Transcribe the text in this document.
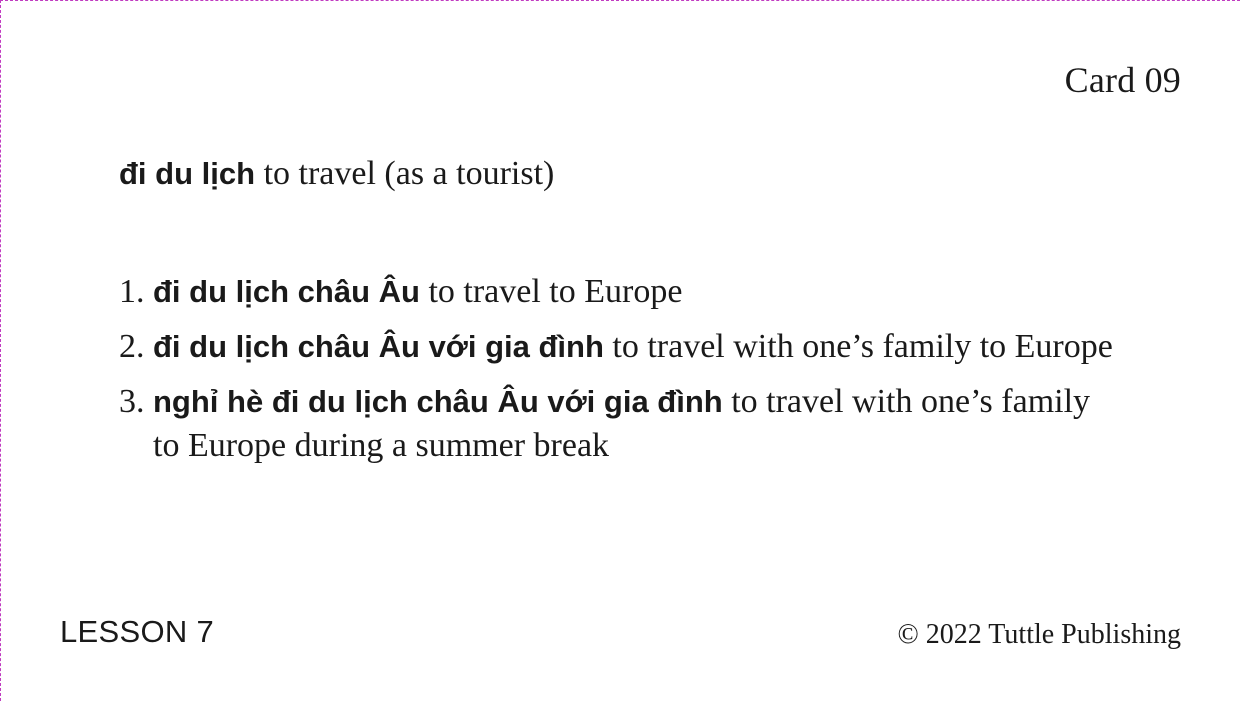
Card 09
đi du lịch to travel (as a tourist)
1. đi du lịch châu Âu to travel to Europe
2. đi du lịch châu Âu với gia đình to travel with one’s family to Europe
3. nghỉ hè đi du lịch châu Âu với gia đình to travel with one’s family to Europe during a summer break
LESSON 7	© 2022 Tuttle Publishing
